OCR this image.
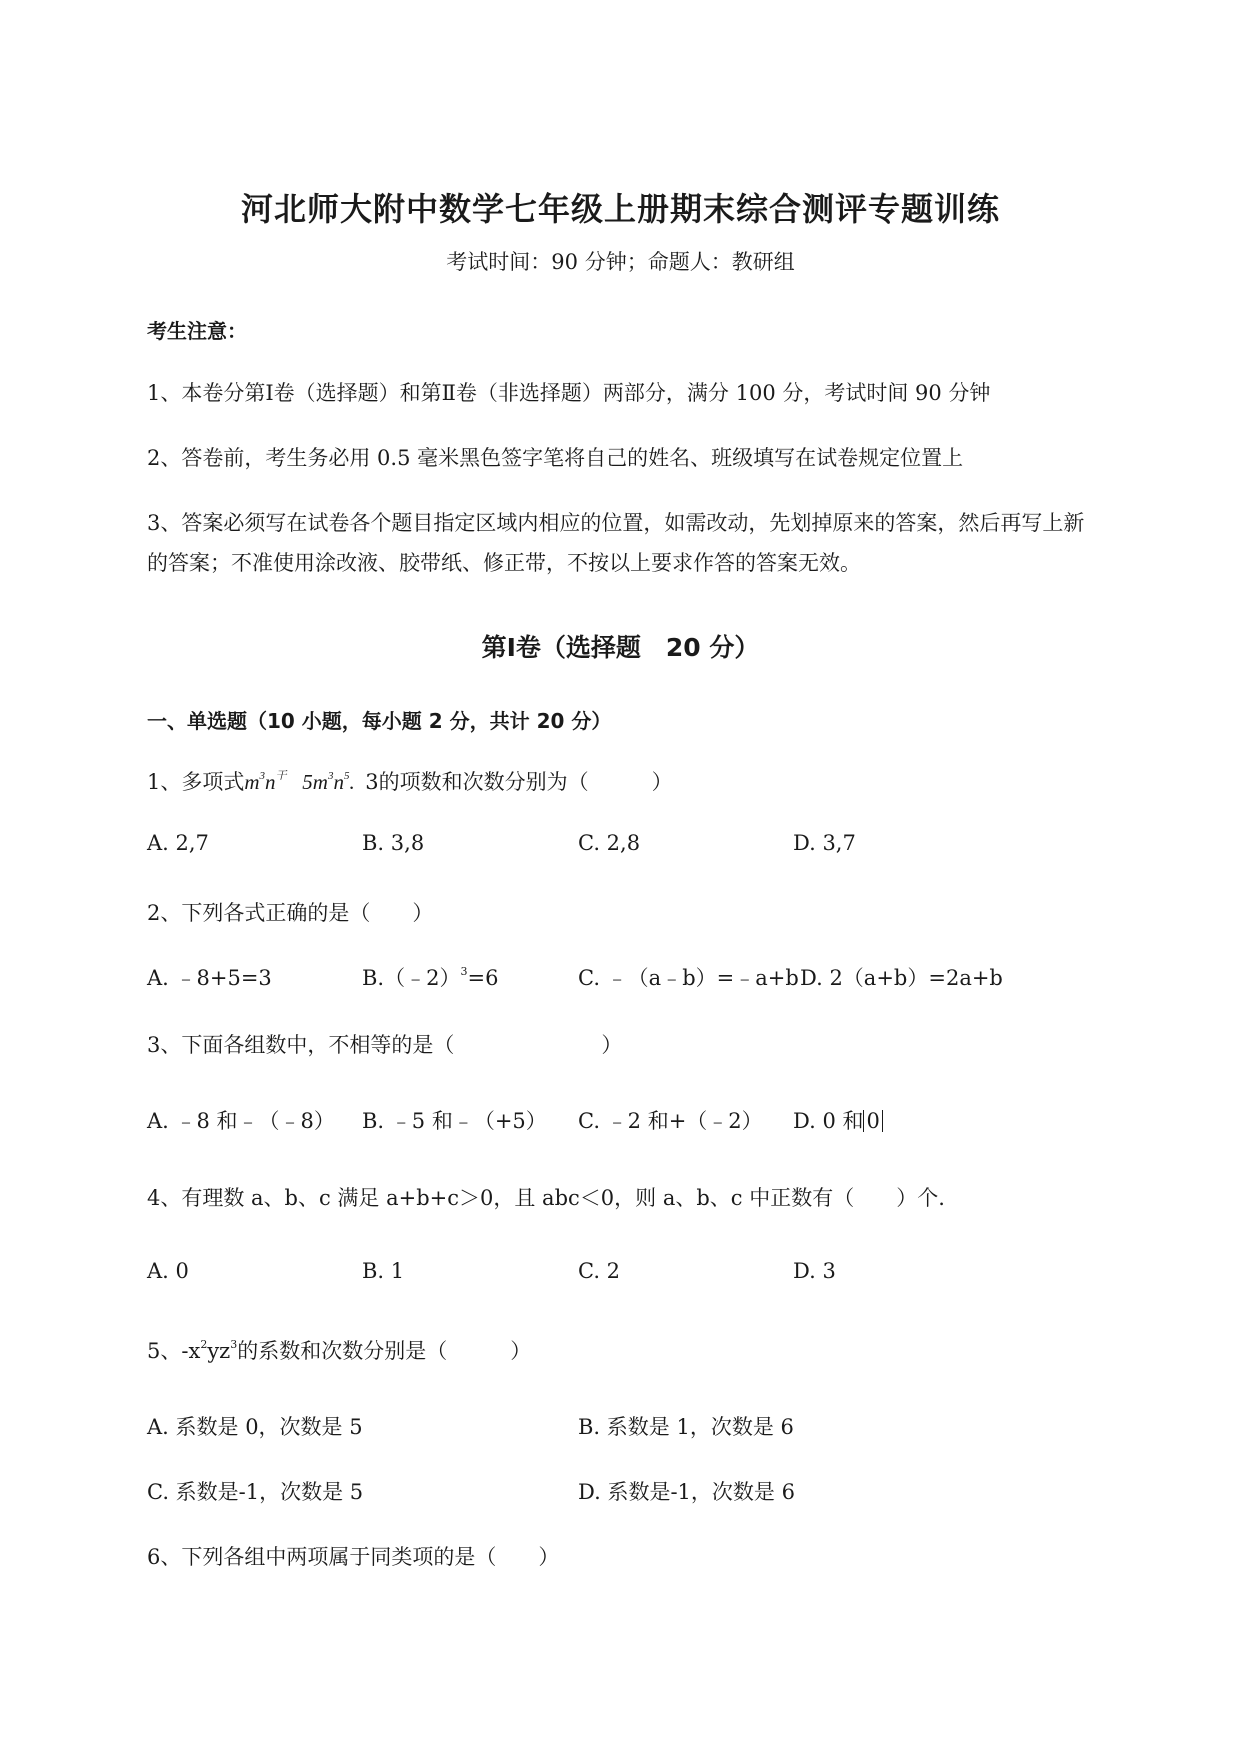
河北师大附中数学七年级上册期末综合测评专题训练
考试时间：90 分钟；命题人：教研组
考生注意：
1、本卷分第Ⅰ卷（选择题）和第Ⅱ卷（非选择题）两部分，满分 100 分，考试时间 90 分钟
2、答卷前，考生务必用 0.5 毫米黑色签字笔将自己的姓名、班级填写在试卷规定位置上
3、答案必须写在试卷各个题目指定区域内相应的位置，如需改动，先划掉原来的答案，然后再写上新
的答案；不准使用涂改液、胶带纸、修正带，不按以上要求作答的答案无效。
第Ⅰ卷（选择题　20 分）
一、单选题（10 小题，每小题 2 分，共计 20 分）
1、多项式$m^3n^干$   $5m^3n^5$.  3的项数和次数分别为（　　　）
A. 2,7	B. 3,8	C. 2,8	D. 3,7
2、下列各式正确的是（　　）
A. ﹣8+5=3	B.（﹣2）$^3$=6	C. ﹣（a﹣b）=﹣a+b D. 2（a+b）=2a+b
3、下面各组数中，不相等的是（　　　　　　　）
A. ﹣8 和﹣（﹣8） B. ﹣5 和﹣（+5） C. ﹣2 和+（﹣2） D. 0 和 0
4、有理数 a、b、c 满足 a+b+c＞0，且 abc＜0，则 a、b、c 中正数有（　　）个.
A. 0	B. 1	C. 2	D. 3
5、$-x^2yz^3$的系数和次数分别是（　　　）
A. 系数是 0，次数是 5	B. 系数是 1，次数是 6
C. 系数是-1，次数是 5	D. 系数是-1，次数是 6
6、下列各组中两项属于同类项的是（　　）
